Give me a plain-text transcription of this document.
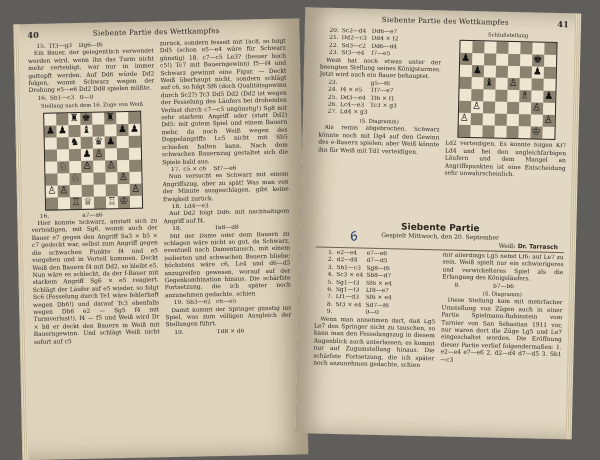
40	Siebente Partie des Wettkampfes
15. Tf3—g3	Dg6—f6
Ein Bauer, der gelegentlich verwendet werden wird, wenn ihn das Turm nicht mehr verteidigt, war nur in immer gottopft werden. Auf Dd6 würde Dd2 folgen, womit Schwarz wegen der Drohung e5—e6 Dd2 Dd8 spielen müßte.
16. Sb1—c3 0—0
Stellung nach dem 16. Zuge von Weiß
♜ ♚ ♜
♟ ♟ ♝	♟ ♟
♞ ♛ ♟
♟ ♙
♙ ♙
♘
♘	♙
♙ ♙	♙
♖ ♕ ♖ ♔
16.	a7—a6
Hier konnte Schwarz, anstatt sich zu verteidigen, mit Sg6, womit auch der Bauer e7 gegen den Angriff Sa3 × b5 × c7 gedeckt war, selbst zum Angriff gegen die schwachen Punkte f4 und e5 vorgehen und in Vorteil kommen. Deckt Weiß den Bauern f4 mit Dd2, so bleibt e5. Nun wäre es schlecht, da der f-Bauer mit starkem Angriff Sg6 × e5 reagiert. Schlägt der Läufer auf e5 wieder, so folgt Sc6 (Fesselung durch Te1 wäre fehlerhaft wegen Db6!) und darauf Tc3 ebenfalls wegen Db6 e2 — Sg5 f4 mit Turmverlust!), f4 — f5 und Weiß wird Dr × h8 er deckt den Bauern in Weiß mit Bauerngewinn. Und schlägt Weiß nicht sofort auf c5
zurück, sondern fesselt mit Tac8, so folgt Dd5 (schon e5—e4 wäre für Schwarz günstig) 18. c7—c5 Le3? (besser hoch c5!) Tc7 mit Bauerngewinn) f5—f4 und Schwarz gewinnt eine Figur. — Deckt Weiß überhaupt nicht, sondern schlägt auf c6, so folgt Sf6 (doch Qualitätsgewinn durch Sc2?) Tc3 Dd5 Dd2 (Dd2 ist wegen der Fesselung des Läufers bei drohenden Verlust durch c7—c5 ungünstig!) Sg8 mit sehr starkem Angriff oder (statt Dd2) Dd5: mit gutem Spiel und einem Bauern mehr, da noch Weiß wegen des Doppelangriffs Lc5 nicht mit Sb5 schießen halten kann. Nach dem schwachen Bauernzug gestaltet sich die Spiele bald aus.
17. c5 × c6	Sf7—e6
Nun versucht es Schwarz mit einem Angriffszug, aber zu spät! Was man von der Minute ausgeschlagen, gibt keine Ewigkeit zurück.
18. Ld4—e3
Auf Dd2 folgt Dd6: mit nachhaltigem Angriff auf f4.
18.	Ta8—d8
Mit der Dame oder dem Bauern zu schlagen wäre nicht so gut, da Schwarz, eventuell nach Damentausch, mit einem isolierten und schwachen Bauern bliebe; höchstens wäre c6, Le4 und d6—d5 anzugreifen gewesen, worauf auf der Gegenkombination hinaus. Die schärfste Fortsetzung, die ich später noch anzunehmen gedachte, schien
19. Sb3—e2 c6—e5
Damit kommt der Springer günstig ins Spiel, was zum völligen Ausgleich der Stellungen führt.
19.	Td8 × d6
Siebente Partie des Wettkampfes	41
20. Sc2—d4 Dd6—e7
21. Dd2—c3 Dd4 × f2
22. Sd3—c2 Dd6—d4
23. Sf3—e4	f7—e5
Weiß hat noch etwas unter der beengten Stellung seines Königsturmes. Jetzt wird auch ein Bauer behauptet.
23.	g5—f6
24. f4 × e5	Tf7—e7
25. Dd3—e4 Tf6 × f1
26. Lc4—e3 Tc3 × g3
27. Ld4 × g3
(S. Diagramm)
Als remis abgebrochen. Schwarz könnte noch mit Dg4 auf den Gewinn des e-Bauern spielen; aber Weiß könnte ihn für Weiß mit Td1 verteidigen.
Schlußstellung
♟	♚
♟	♟
♝ ♙
♗ ♟
♙	♙
♙	♙
♔
Ld2 verteidigen. Es könnte folgen Kf7 Ld4 und bei den ungleichfarbigen Läufern und dem Mangel an Angriffspunkten ist eine Entscheidung sehr unwahrscheinlich.
Siebente Partie
Gespielt Mittwoch, den 20. September
Weiß: Dr. Tarrasch
1. e2—e4	e7—e6
2. d2—d4	d7—d5
3. Sb1—c3 Sg8—f6
4. Sc3 × e4 Sb8—d7
5. Sg1—f3	Sf6 × e4
6. Sg1—f3	Lf8—e7
7. Lf1—d3	Sf6 × e4
8. Sf3 × e4 Sd7—f6
9.	0—0
Wenn man annehmen darf, daß Lg5 Le7 den Springer nicht zu tauschen, so kann man den Fesselungszug in diesem Augenblick auch unterlassen; es kommt nur auf Zugumstellung hinaus. Die schärfste Fortsetzung, die ich später noch anzunehmen gedachte, schien
mir allerdings Lg5 nebst Lf6: auf Le7 zu sein. Weiß spielt nur ein schwierigeres und verwickelteres Spiel als die Erlangung des Königsläufers.
8.	b7—b6
(S. Diagramm)
Diese Stellung kam mit mehrfacher Umstellung von Zügen auch in einer Partie Spielmann-Rubinstein vom Turnier von San Sebastian 1911 vor, nur waren dort die Züge Lg5 und Le7 eingeschaltet worden. Die Eröffnung dieser Partie verlief folgendermaßen: 1. e2—e4 e7—e6 2. d2—d4 d7—d5 3. Sb1—c3
6
